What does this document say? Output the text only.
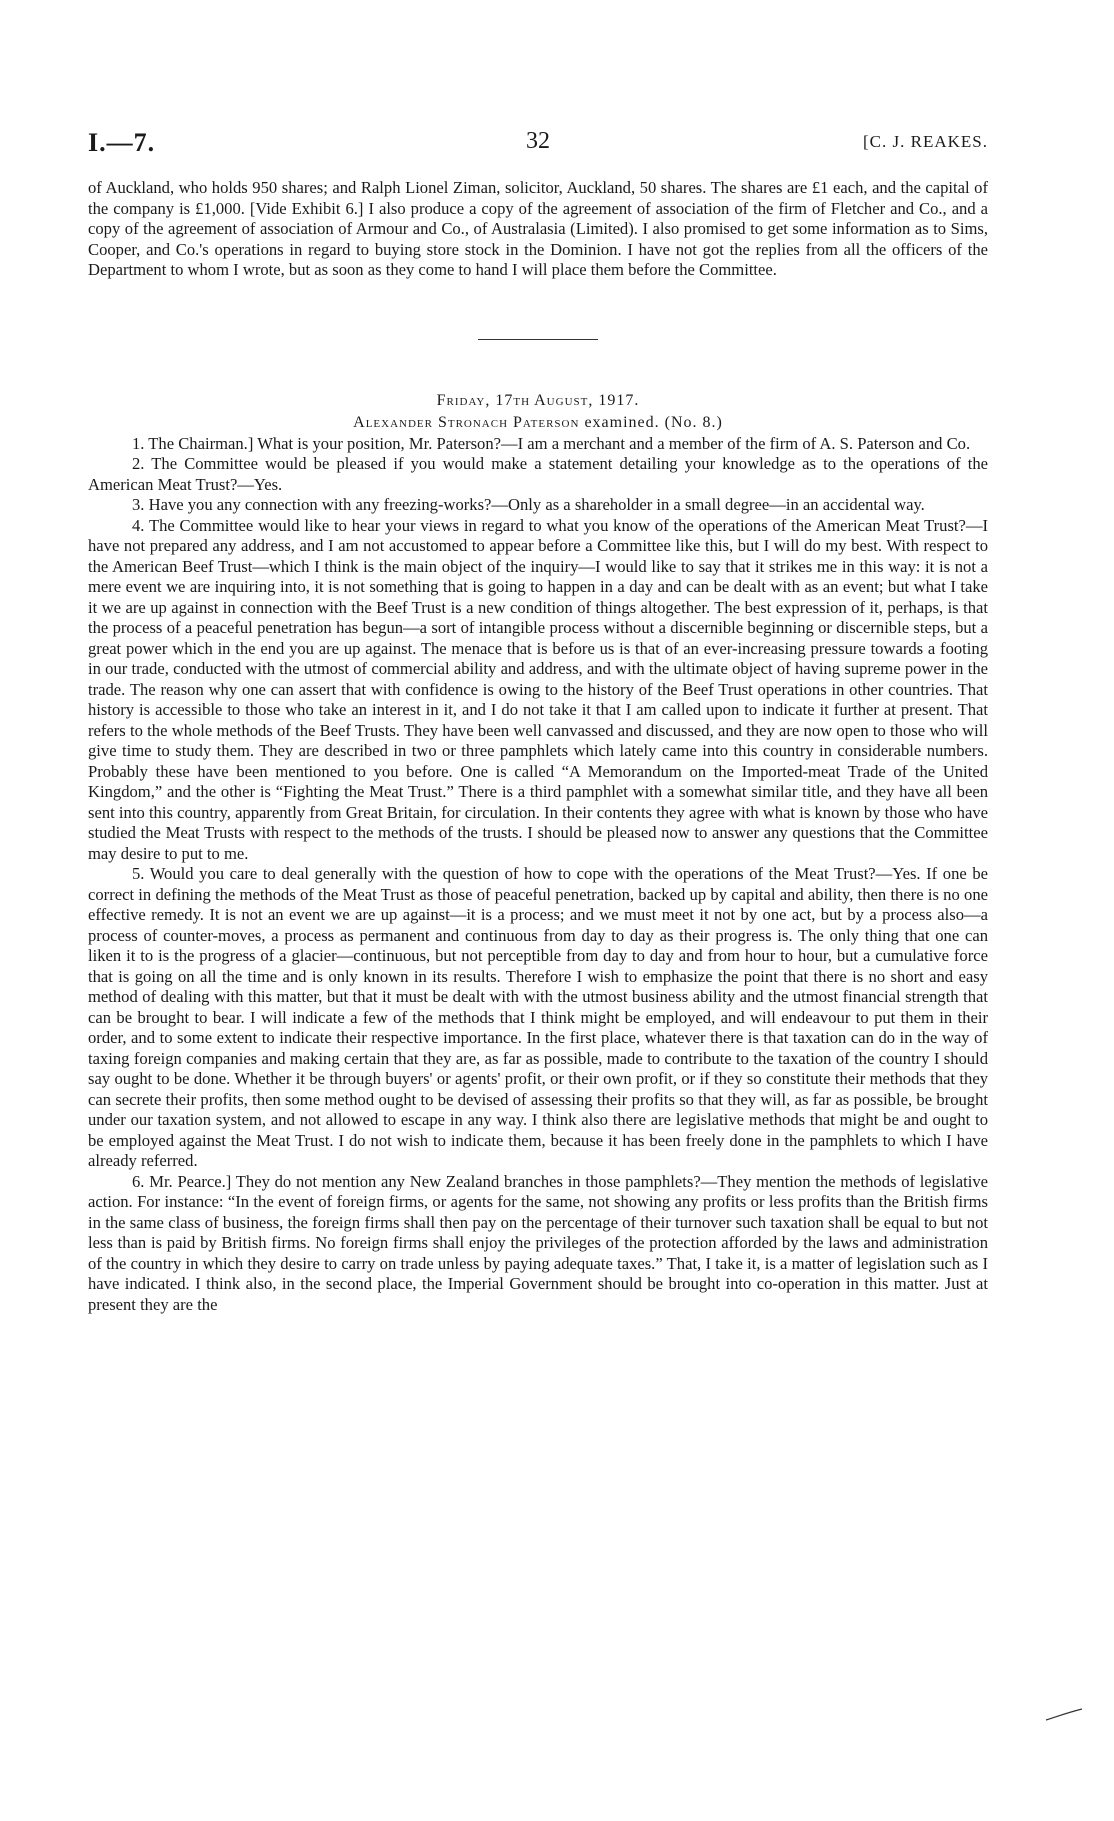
I.—7.	32	[C. J. REAKES.

of Auckland, who holds 950 shares; and Ralph Lionel Ziman, solicitor, Auckland, 50 shares. The shares are £1 each, and the capital of the company is £1,000. [Vide Exhibit 6.] I also produce a copy of the agreement of association of the firm of Fletcher and Co., and a copy of the agreement of association of Armour and Co., of Australasia (Limited). I also promised to get some information as to Sims, Cooper, and Co.'s operations in regard to buying store stock in the Dominion. I have not got the replies from all the officers of the Department to whom I wrote, but as soon as they come to hand I will place them before the Committee.

Friday, 17th August, 1917.
Alexander Stronach Paterson examined. (No. 8.)

1. The Chairman.] What is your position, Mr. Paterson?—I am a merchant and a member of the firm of A. S. Paterson and Co.

2. The Committee would be pleased if you would make a statement detailing your knowledge as to the operations of the American Meat Trust?—Yes.

3. Have you any connection with any freezing-works?—Only as a shareholder in a small degree—in an accidental way.

4. The Committee would like to hear your views in regard to what you know of the operations of the American Meat Trust?—I have not prepared any address, and I am not accustomed to appear before a Committee like this, but I will do my best. With respect to the American Beef Trust—which I think is the main object of the inquiry—I would like to say that it strikes me in this way: it is not a mere event we are inquiring into, it is not something that is going to happen in a day and can be dealt with as an event; but what I take it we are up against in connection with the Beef Trust is a new condition of things altogether. The best expression of it, perhaps, is that the process of a peaceful penetration has begun—a sort of intangible process without a discernible beginning or discernible steps, but a great power which in the end you are up against. The menace that is before us is that of an ever-increasing pressure towards a footing in our trade, conducted with the utmost of commercial ability and address, and with the ultimate object of having supreme power in the trade. The reason why one can assert that with confidence is owing to the history of the Beef Trust operations in other countries. That history is accessible to those who take an interest in it, and I do not take it that I am called upon to indicate it further at present. That refers to the whole methods of the Beef Trusts. They have been well canvassed and discussed, and they are now open to those who will give time to study them. They are described in two or three pamphlets which lately came into this country in considerable numbers. Probably these have been mentioned to you before. One is called “A Memorandum on the Imported-meat Trade of the United Kingdom,” and the other is “Fighting the Meat Trust.” There is a third pamphlet with a somewhat similar title, and they have all been sent into this country, apparently from Great Britain, for circulation. In their contents they agree with what is known by those who have studied the Meat Trusts with respect to the methods of the trusts. I should be pleased now to answer any questions that the Committee may desire to put to me.

5. Would you care to deal generally with the question of how to cope with the operations of the Meat Trust?—Yes. If one be correct in defining the methods of the Meat Trust as those of peaceful penetration, backed up by capital and ability, then there is no one effective remedy. It is not an event we are up against—it is a process; and we must meet it not by one act, but by a process also—a process of counter-moves, a process as permanent and continuous from day to day as their progress is. The only thing that one can liken it to is the progress of a glacier—continuous, but not perceptible from day to day and from hour to hour, but a cumulative force that is going on all the time and is only known in its results. Therefore I wish to emphasize the point that there is no short and easy method of dealing with this matter, but that it must be dealt with with the utmost business ability and the utmost financial strength that can be brought to bear. I will indicate a few of the methods that I think might be employed, and will endeavour to put them in their order, and to some extent to indicate their respective importance. In the first place, whatever there is that taxation can do in the way of taxing foreign companies and making certain that they are, as far as possible, made to contribute to the taxation of the country I should say ought to be done. Whether it be through buyers' or agents' profit, or their own profit, or if they so constitute their methods that they can secrete their profits, then some method ought to be devised of assessing their profits so that they will, as far as possible, be brought under our taxation system, and not allowed to escape in any way. I think also there are legislative methods that might be and ought to be employed against the Meat Trust. I do not wish to indicate them, because it has been freely done in the pamphlets to which I have already referred.

6. Mr. Pearce.] They do not mention any New Zealand branches in those pamphlets?—They mention the methods of legislative action. For instance: “In the event of foreign firms, or agents for the same, not showing any profits or less profits than the British firms in the same class of business, the foreign firms shall then pay on the percentage of their turnover such taxation shall be equal to but not less than is paid by British firms. No foreign firms shall enjoy the privileges of the protection afforded by the laws and administration of the country in which they desire to carry on trade unless by paying adequate taxes.” That, I take it, is a matter of legislation such as I have indicated. I think also, in the second place, the Imperial Government should be brought into co-operation in this matter. Just at present they are the
